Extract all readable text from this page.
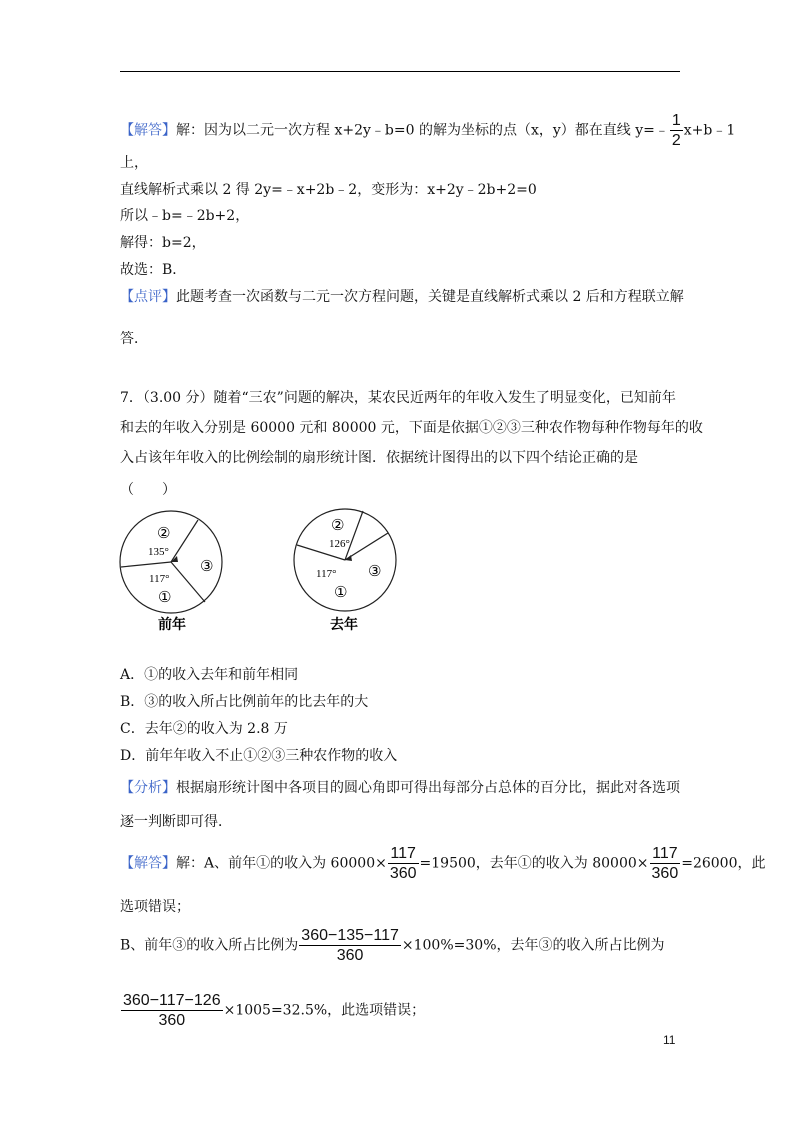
【解答】解：因为以二元一次方程 x+2y﹣b=0 的解为坐标的点（x，y）都在直线 y=﹣ $\frac{1}{2}$ x+b﹣1
上，
直线解析式乘以 2 得 2y=﹣x+2b﹣2，变形为：x+2y﹣2b+2=0
所以﹣b=﹣2b+2，
解得：b=2，
故选：B．
【点评】此题考查一次函数与二元一次方程问题，关键是直线解析式乘以 2 后和方程联立解
答．
7．（3.00 分）随着“三农”问题的解决，某农民近两年的年收入发生了明显变化，已知前年
和去的年收入分别是 60000 元和 80000 元，下面是依据①②③三种农作物每种作物每年的收
入占该年年收入的比例绘制的扇形统计图．依据统计图得出的以下四个结论正确的是
（　　）
②
135°
③
117°
①
前年
②
126°
③
117°
①
去年
A．①的收入去年和前年相同
B．③的收入所占比例前年的比去年的大
C．去年②的收入为 2.8 万
D．前年年收入不止①②③三种农作物的收入
【分析】根据扇形统计图中各项目的圆心角即可得出每部分占总体的百分比，据此对各选项
逐一判断即可得．
【解答】解：A、前年①的收入为 $60000\times \frac{117}{360} =19500$，去年①的收入为 $80000\times \frac{117}{360} =26000$，此
选项错误；
B、前年③的收入所占比例为 $\frac{360-135-117}{360} \times 100\%=30\%$，去年③的收入所占比例为
$\frac{360-117-126}{360} \times 1005=32.5\%$，此选项错误；
11
